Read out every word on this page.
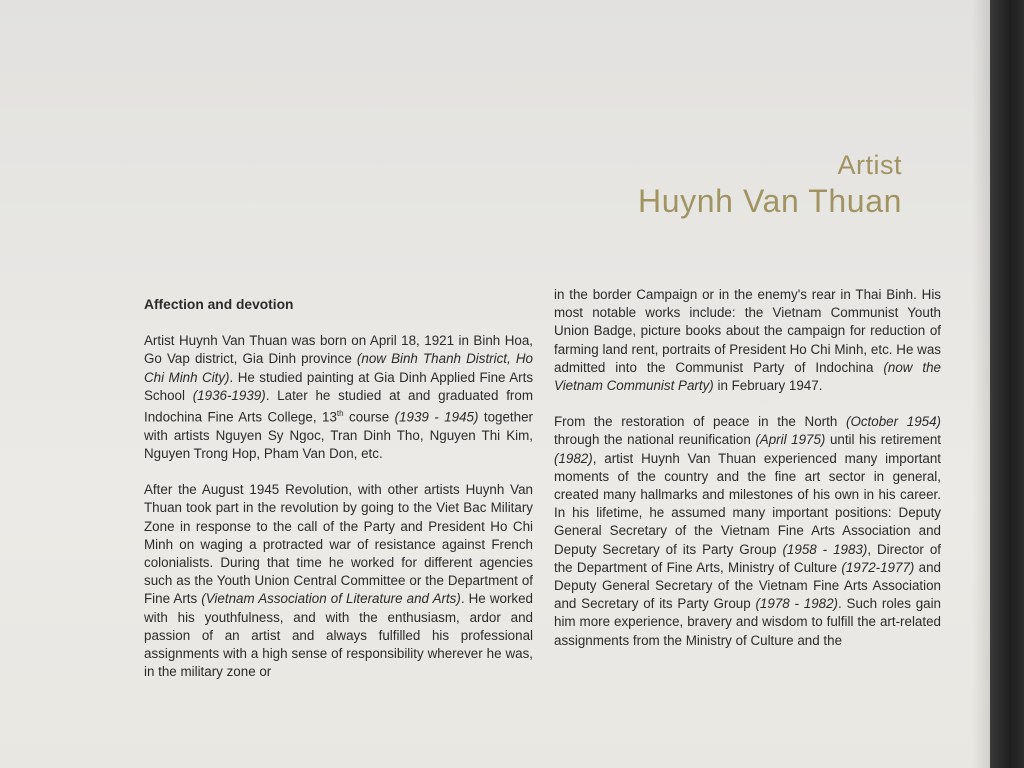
Artist
Huynh Van Thuan
Affection and devotion

Artist Huynh Van Thuan was born on April 18, 1921 in Binh Hoa, Go Vap district, Gia Dinh province (now Binh Thanh District, Ho Chi Minh City). He studied painting at Gia Dinh Applied Fine Arts School (1936-1939). Later he studied at and graduated from Indochina Fine Arts College, 13th course (1939 - 1945) together with artists Nguyen Sy Ngoc, Tran Dinh Tho, Nguyen Thi Kim, Nguyen Trong Hop, Pham Van Don, etc.

After the August 1945 Revolution, with other artists Huynh Van Thuan took part in the revolution by going to the Viet Bac Military Zone in response to the call of the Party and President Ho Chi Minh on waging a protracted war of resistance against French colonialists. During that time he worked for different agencies such as the Youth Union Central Committee or the Department of Fine Arts (Vietnam Association of Literature and Arts). He worked with his youthfulness, and with the enthusiasm, ardor and passion of an artist and always fulfilled his professional assignments with a high sense of responsibility wherever he was, in the military zone or

in the border Campaign or in the enemy's rear in Thai Binh. His most notable works include: the Vietnam Communist Youth Union Badge, picture books about the campaign for reduction of farming land rent, portraits of President Ho Chi Minh, etc. He was admitted into the Communist Party of Indochina (now the Vietnam Communist Party) in February 1947.

From the restoration of peace in the North (October 1954) through the national reunification (April 1975) until his retirement (1982), artist Huynh Van Thuan experienced many important moments of the country and the fine art sector in general, created many hallmarks and milestones of his own in his career. In his lifetime, he assumed many important positions: Deputy General Secretary of the Vietnam Fine Arts Association and Deputy Secretary of its Party Group (1958 - 1983), Director of the Department of Fine Arts, Ministry of Culture (1972-1977) and Deputy General Secretary of the Vietnam Fine Arts Association and Secretary of its Party Group (1978 - 1982). Such roles gain him more experience, bravery and wisdom to fulfill the art-related assignments from the Ministry of Culture and the
